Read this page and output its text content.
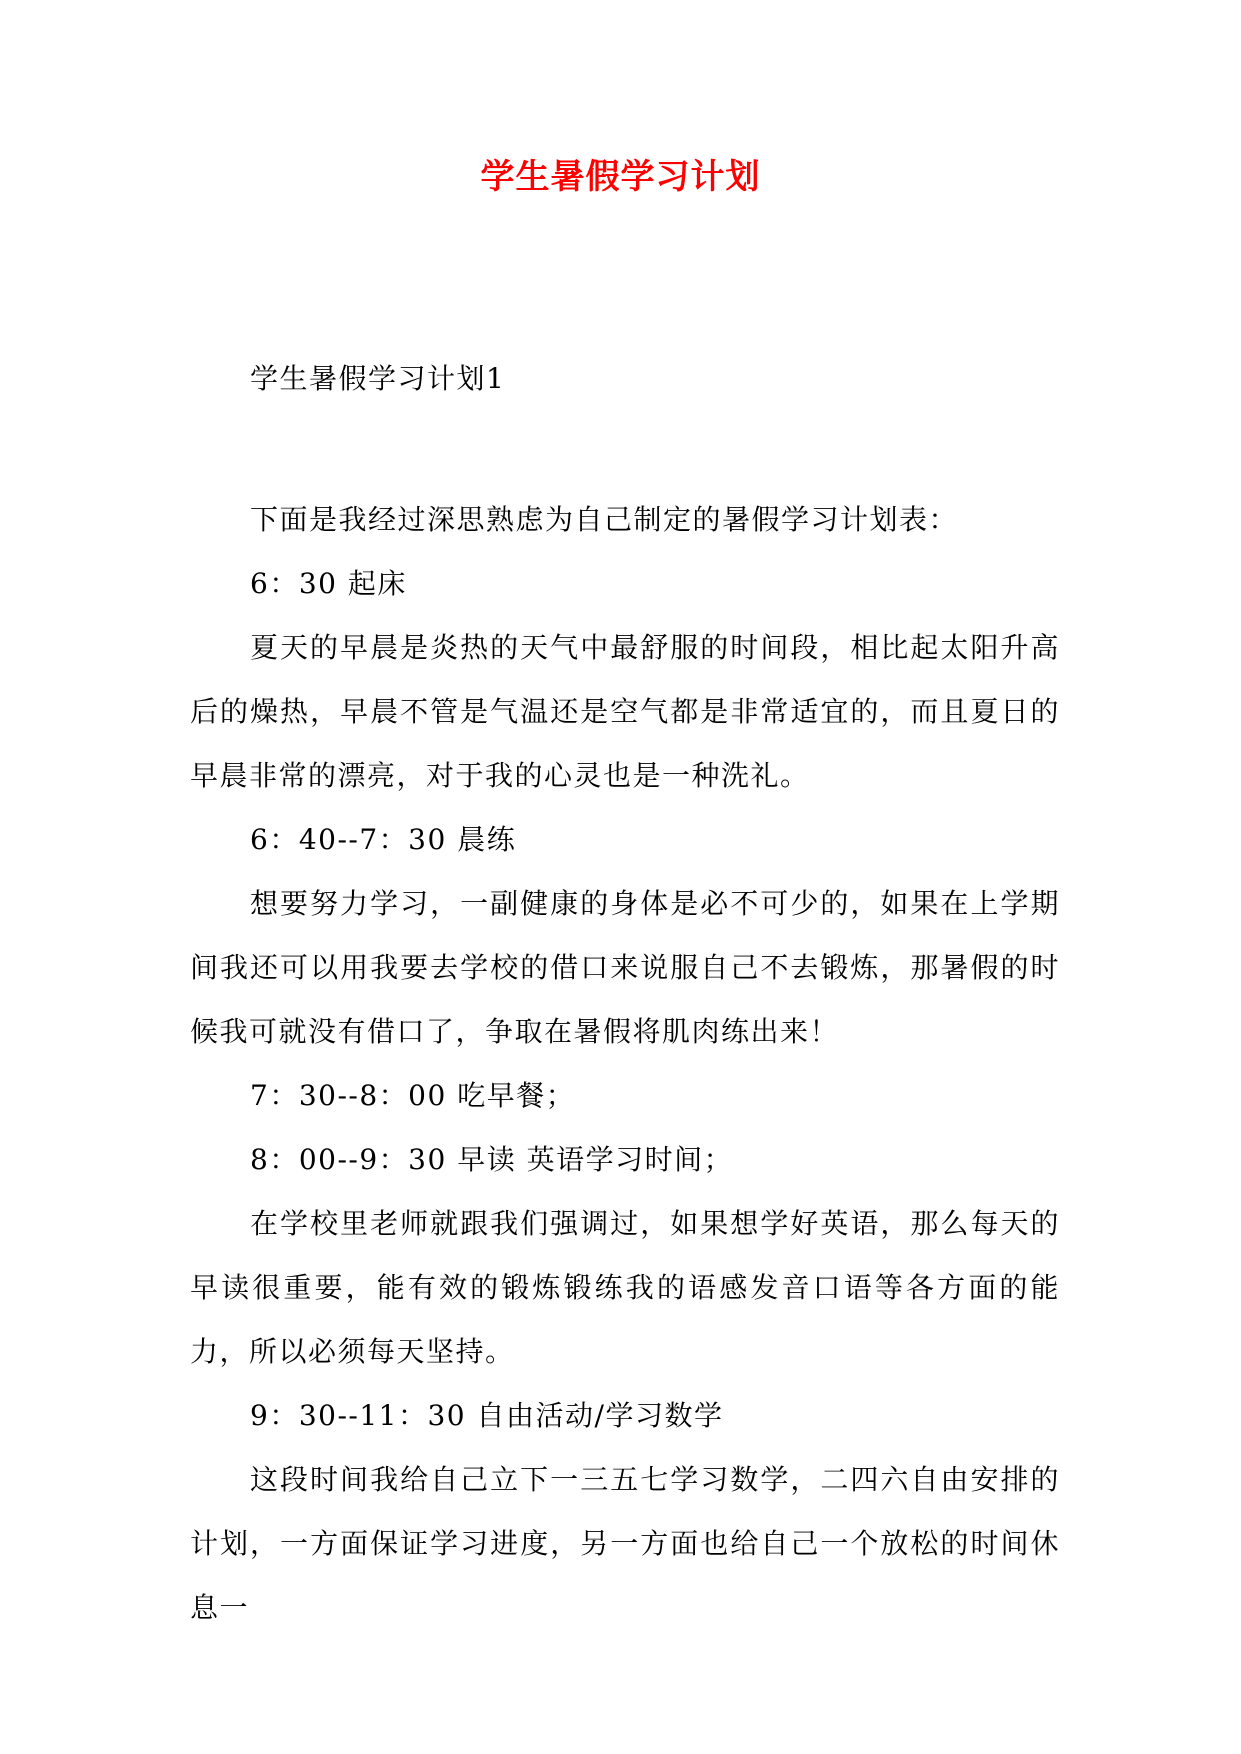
学生暑假学习计划

学生暑假学习计划1

下面是我经过深思熟虑为自己制定的暑假学习计划表：

6：30 起床

夏天的早晨是炎热的天气中最舒服的时间段，相比起太阳升高后的燥热，早晨不管是气温还是空气都是非常适宜的，而且夏日的早晨非常的漂亮，对于我的心灵也是一种洗礼。

6：40--7：30 晨练

想要努力学习，一副健康的身体是必不可少的，如果在上学期间我还可以用我要去学校的借口来说服自己不去锻炼，那暑假的时候我可就没有借口了，争取在暑假将肌肉练出来！

7：30--8：00 吃早餐；

8：00--9：30 早读 英语学习时间；

在学校里老师就跟我们强调过，如果想学好英语，那么每天的早读很重要，能有效的锻炼锻练我的语感发音口语等各方面的能力，所以必须每天坚持。

9：30--11：30 自由活动/学习数学

这段时间我给自己立下一三五七学习数学，二四六自由安排的计划，一方面保证学习进度，另一方面也给自己一个放松的时间休息一
